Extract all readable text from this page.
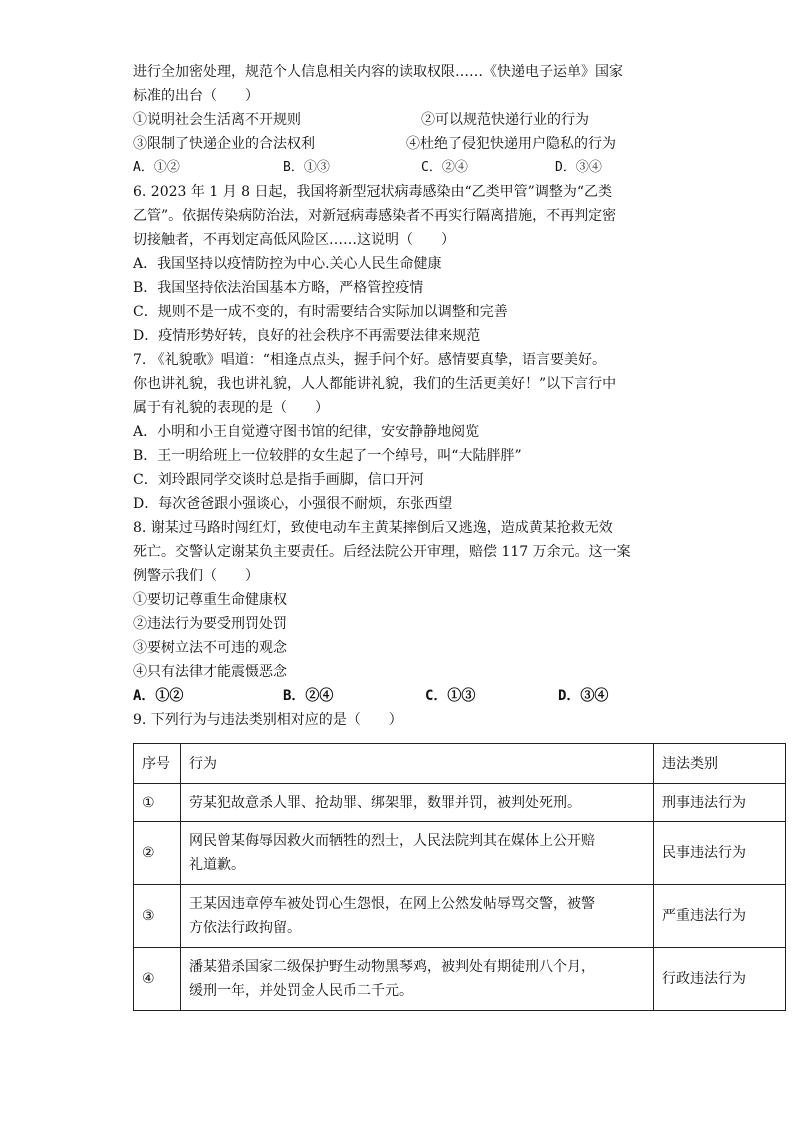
进行全加密处理，规范个人信息相关内容的读取权限……《快递电子运单》国家
标准的出台（　　）
①说明社会生活离不开规则	②可以规范快递行业的行为
③限制了快递企业的合法权利	④杜绝了侵犯快递用户隐私的行为
A．①②	B．①③	C．②④	D．③④
6. 2023 年 1 月 8 日起，我国将新型冠状病毒感染由“乙类甲管”调整为“乙类
乙管”。依据传染病防治法，对新冠病毒感染者不再实行隔离措施，不再判定密
切接触者，不再划定高低风险区……这说明（　　）
A．我国坚持以疫情防控为中心.关心人民生命健康
B．我国坚持依法治国基本方略，严格管控疫情
C．规则不是一成不变的，有时需要结合实际加以调整和完善
D．疫情形势好转，良好的社会秩序不再需要法律来规范
7. 《礼貌歌》唱道：“相逢点点头，握手问个好。感情要真挚，语言要美好。
你也讲礼貌，我也讲礼貌，人人都能讲礼貌，我们的生活更美好！”以下言行中
属于有礼貌的表现的是（　　）
A．小明和小王自觉遵守图书馆的纪律，安安静静地阅览
B．王一明给班上一位较胖的女生起了一个绰号，叫“大陆胖胖”
C．刘玲跟同学交谈时总是指手画脚，信口开河
D．每次爸爸跟小强谈心，小强很不耐烦，东张西望
8. 谢某过马路时闯红灯，致使电动车主黄某摔倒后又逃逸，造成黄某抢救无效
死亡。交警认定谢某负主要责任。后经法院公开审理，赔偿 117 万余元。这一案
例警示我们（　　）
①要切记尊重生命健康权
②违法行为要受刑罚处罚
③要树立法不可违的观念
④只有法律才能震慑恶念
A．①②	B．②④	C．①③	D．③④
9. 下列行为与违法类别相对应的是（　　）
序号	行为	违法类别
①	劳某犯故意杀人罪、抢劫罪、绑架罪，数罪并罚，被判处死刑。	刑事违法行为
②	网民曾某侮辱因救火而牺牲的烈士，人民法院判其在媒体上公开赔
礼道歉。	民事违法行为
③	王某因违章停车被处罚心生怨恨，在网上公然发帖辱骂交警，被警
方依法行政拘留。	严重违法行为
④	潘某猎杀国家二级保护野生动物黑琴鸡，被判处有期徒刑八个月，
缓刑一年，并处罚金人民币二千元。	行政违法行为
